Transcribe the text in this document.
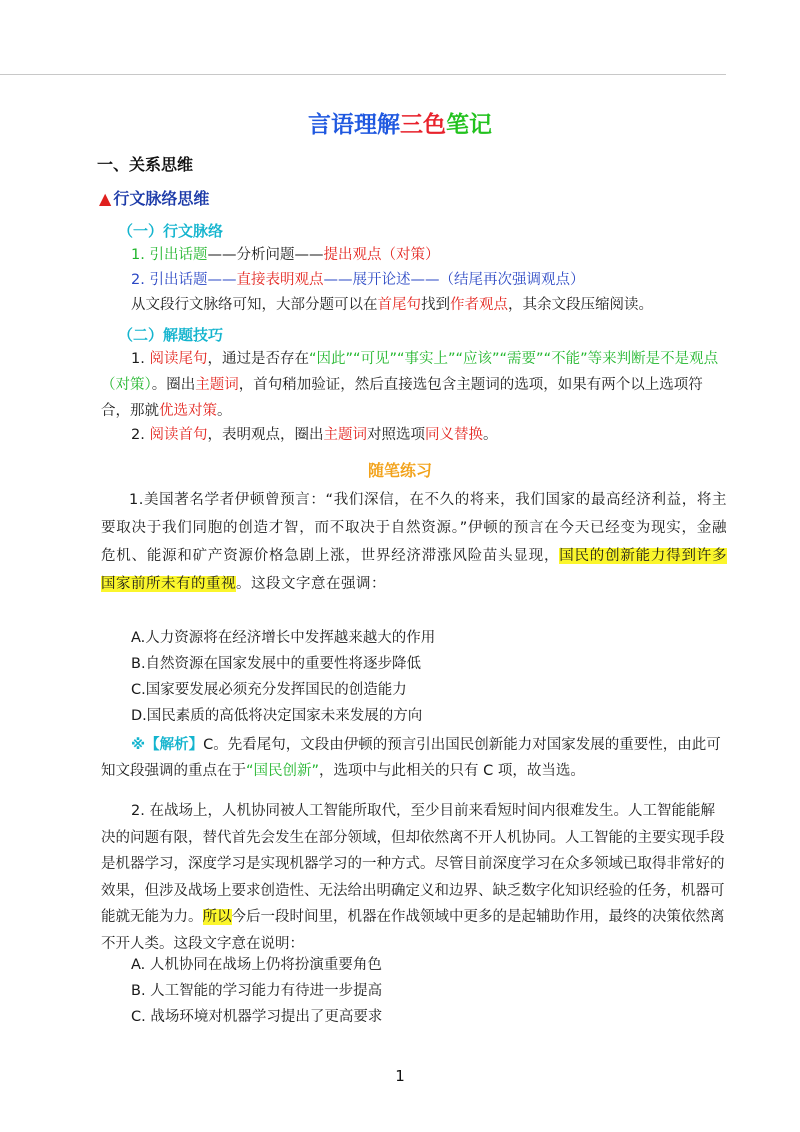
言语理解三色笔记
一、关系思维
▲ 行文脉络思维
（一）行文脉络
1. 引出话题——分析问题——提出观点（对策）
2. 引出话题——直接表明观点——展开论述——（结尾再次强调观点）
从文段行文脉络可知，大部分题可以在首尾句找到作者观点，其余文段压缩阅读。
（二）解题技巧
1. 阅读尾句，通过是否存在“因此”“可见”“事实上”“应该”“需要”“不能”等来判断是不是观点（对策）。圈出主题词，首句稍加验证，然后直接选包含主题词的选项，如果有两个以上选项符合，那就优选对策。
2. 阅读首句，表明观点，圈出主题词对照选项同义替换。
随笔练习
1.美国著名学者伊顿曾预言：“我们深信，在不久的将来，我们国家的最高经济利益，将主要取决于我们同胞的创造才智，而不取决于自然资源。”伊顿的预言在今天已经变为现实，金融危机、能源和矿产资源价格急剧上涨，世界经济滞涨风险苗头显现，国民的创新能力得到许多国家前所未有的重视。这段文字意在强调：
A.人力资源将在经济增长中发挥越来越大的作用
B.自然资源在国家发展中的重要性将逐步降低
C.国家要发展必须充分发挥国民的创造能力
D.国民素质的高低将决定国家未来发展的方向
※【解析】C。先看尾句，文段由伊顿的预言引出国民创新能力对国家发展的重要性，由此可知文段强调的重点在于“国民创新”，选项中与此相关的只有 C 项，故当选。
2. 在战场上，人机协同被人工智能所取代，至少目前来看短时间内很难发生。人工智能能解决的问题有限，替代首先会发生在部分领域，但却依然离不开人机协同。人工智能的主要实现手段是机器学习，深度学习是实现机器学习的一种方式。尽管目前深度学习在众多领域已取得非常好的效果，但涉及战场上要求创造性、无法给出明确定义和边界、缺乏数字化知识经验的任务，机器可能就无能为力。所以今后一段时间里，机器在作战领域中更多的是起辅助作用，最终的决策依然离不开人类。这段文字意在说明：
A. 人机协同在战场上仍将扮演重要角色
B. 人工智能的学习能力有待进一步提高
C. 战场环境对机器学习提出了更高要求
1
